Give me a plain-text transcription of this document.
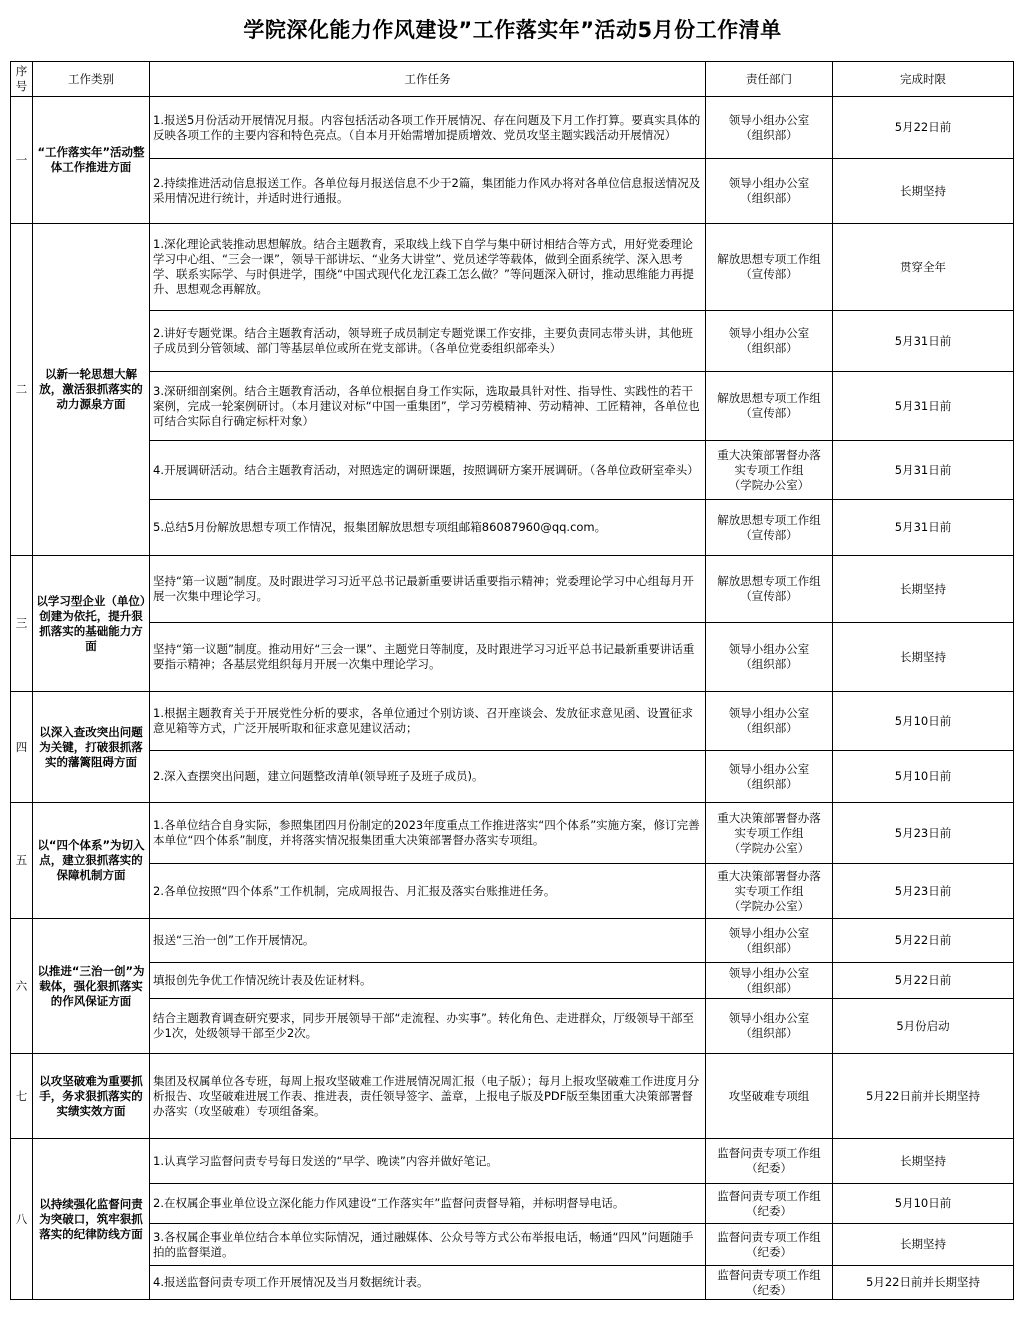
学院深化能力作风建设”工作落实年”活动5月份工作清单
序
号	工作类别	工作任务	责任部门	完成时限
一	“工作落实年”活动整体工作推进方面	1.报送5月份活动开展情况月报。内容包括活动各项工作开展情况、存在问题及下月工作打算。要真实具体的反映各项工作的主要内容和特色亮点。（自本月开始需增加提质增效、党员攻坚主题实践活动开展情况）	领导小组办公室
（组织部）	5月22日前
		2.持续推进活动信息报送工作。各单位每月报送信息不少于2篇，集团能力作风办将对各单位信息报送情况及采用情况进行统计，并适时进行通报。	领导小组办公室
（组织部）	长期坚持
二	以新一轮思想大解放，激活狠抓落实的动力源泉方面	1.深化理论武装推动思想解放。结合主题教育，采取线上线下自学与集中研讨相结合等方式，用好党委理论学习中心组、“三会一课”，领导干部讲坛、“业务大讲堂”、党员述学等载体，做到全面系统学、深入思考学、联系实际学、与时俱进学，围绕“中国式现代化龙江森工怎么做？”等问题深入研讨，推动思维能力再提升、思想观念再解放。	解放思想专项工作组
（宣传部）	贯穿全年
		2.讲好专题党课。结合主题教育活动，领导班子成员制定专题党课工作安排，主要负责同志带头讲，其他班子成员到分管领域、部门等基层单位或所在党支部讲。（各单位党委组织部牵头）	领导小组办公室
（组织部）	5月31日前
		3.深研细剖案例。结合主题教育活动，各单位根据自身工作实际，选取最具针对性、指导性、实践性的若干案例，完成一轮案例研讨。（本月建议对标“中国一重集团”，学习劳模精神、劳动精神、工匠精神，各单位也可结合实际自行确定标杆对象）	解放思想专项工作组
（宣传部）	5月31日前
		4.开展调研活动。结合主题教育活动，对照选定的调研课题，按照调研方案开展调研。（各单位政研室牵头）	重大决策部署督办落
实专项工作组
（学院办公室）	5月31日前
		5.总结5月份解放思想专项工作情况，报集团解放思想专项组邮箱86087960@qq.com。	解放思想专项工作组
（宣传部）	5月31日前
三	以学习型企业（单位）创建为依托，提升狠抓落实的基础能力方面	坚持“第一议题”制度。及时跟进学习习近平总书记最新重要讲话重要指示精神；党委理论学习中心组每月开展一次集中理论学习。	解放思想专项工作组
（宣传部）	长期坚持
		坚持“第一议题”制度。推动用好“三会一课”、主题党日等制度，及时跟进学习习近平总书记最新重要讲话重要指示精神；各基层党组织每月开展一次集中理论学习。	领导小组办公室
（组织部）	长期坚持
四	以深入查改突出问题为关键，打破狠抓落实的藩篱阻碍方面	1.根据主题教育关于开展党性分析的要求，各单位通过个别访谈、召开座谈会、发放征求意见函、设置征求意见箱等方式，广泛开展听取和征求意见建议活动；	领导小组办公室
（组织部）	5月10日前
		2.深入查摆突出问题，建立问题整改清单(领导班子及班子成员)。	领导小组办公室
（组织部）	5月10日前
五	以“四个体系”为切入点，建立狠抓落实的保障机制方面	1.各单位结合自身实际，参照集团四月份制定的2023年度重点工作推进落实“四个体系”实施方案，修订完善本单位“四个体系”制度，并将落实情况报集团重大决策部署督办落实专项组。	重大决策部署督办落
实专项工作组
（学院办公室）	5月23日前
		2.各单位按照“四个体系”工作机制，完成周报告、月汇报及落实台账推进任务。	重大决策部署督办落
实专项工作组
（学院办公室）	5月23日前
六	以推进“三治一创”为载体，强化狠抓落实的作风保证方面	报送“三治一创”工作开展情况。	领导小组办公室
（组织部）	5月22日前
		填报创先争优工作情况统计表及佐证材料。	领导小组办公室
（组织部）	5月22日前
		结合主题教育调查研究要求，同步开展领导干部“走流程、办实事”。转化角色、走进群众，厅级领导干部至少1次，处级领导干部至少2次。	领导小组办公室
（组织部）	5月份启动
七	以攻坚破难为重要抓手，务求狠抓落实的实绩实效方面	集团及权属单位各专班，每周上报攻坚破难工作进展情况周汇报（电子版）；每月上报攻坚破难工作进度月分析报告、攻坚破难进展工作表、推进表，责任领导签字、盖章，上报电子版及PDF版至集团重大决策部署督办落实（攻坚破难）专项组备案。	攻坚破难专项组	5月22日前并长期坚持
八	以持续强化监督问责为突破口，筑牢狠抓落实的纪律防线方面	1.认真学习监督问责专号每日发送的“早学、晚读”内容并做好笔记。	监督问责专项工作组
（纪委）	长期坚持
		2.在权属企事业单位设立深化能力作风建设“工作落实年”监督问责督导箱，并标明督导电话。	监督问责专项工作组
（纪委）	5月10日前
		3.各权属企事业单位结合本单位实际情况，通过融媒体、公众号等方式公布举报电话，畅通“四风”问题随手拍的监督渠道。	监督问责专项工作组
（纪委）	长期坚持
		4.报送监督问责专项工作开展情况及当月数据统计表。	监督问责专项工作组
（纪委）	5月22日前并长期坚持
